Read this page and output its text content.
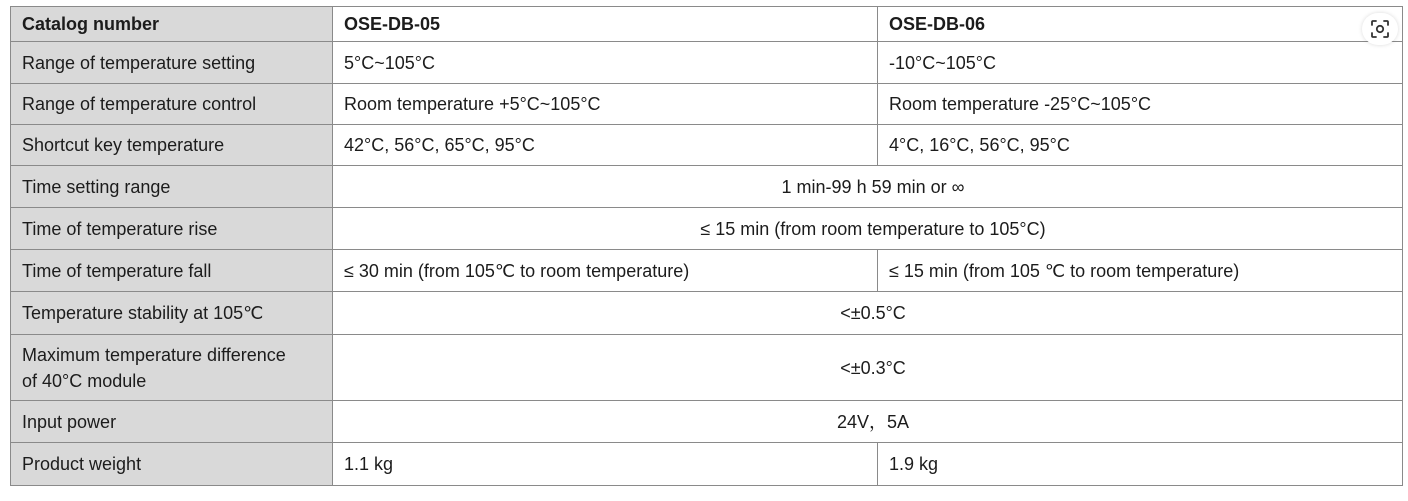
Catalog number	OSE-DB-05	OSE-DB-06
Range of temperature setting	5°C~105°C	-10°C~105°C
Range of temperature control	Room temperature +5°C~105°C	Room temperature -25°C~105°C
Shortcut key temperature	42°C, 56°C, 65°C, 95°C	4°C, 16°C, 56°C, 95°C
Time setting range	1 min-99 h 59 min or ∞	
Time of temperature rise	≤ 15 min (from room temperature to 105°C)	
Time of temperature fall	≤ 30 min (from 105℃ to room temperature)	≤ 15 min (from 105 ℃ to room temperature)
Temperature stability at 105℃	<±0.5°C	
Maximum temperature difference
of 40°C module	<±0.3°C	
Input power	24V，5A	
Product weight	1.1 kg	1.9 kg
